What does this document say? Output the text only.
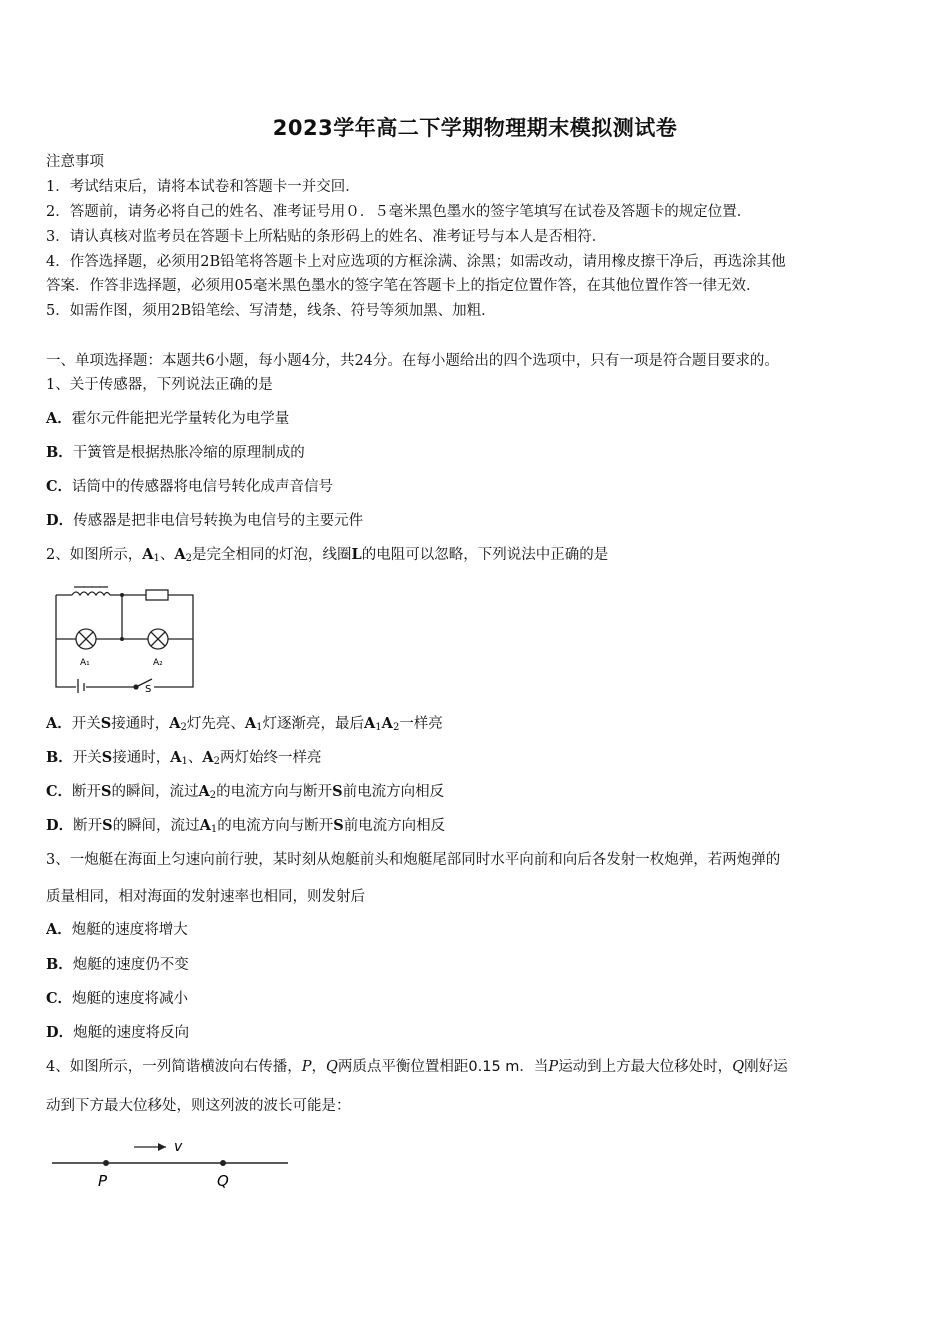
2023学年高二下学期物理期末模拟测试卷
注意事项
1．考试结束后，请将本试卷和答题卡一并交回．
2．答题前，请务必将自己的姓名、准考证号用０．５毫米黑色墨水的签字笔填写在试卷及答题卡的规定位置．
3．请认真核对监考员在答题卡上所粘贴的条形码上的姓名、准考证号与本人是否相符．
4．作答选择题，必须用2B铅笔将答题卡上对应选项的方框涂满、涂黑；如需改动，请用橡皮擦干净后，再选涂其他
答案．作答非选择题，必须用05毫米黑色墨水的签字笔在答题卡上的指定位置作答，在其他位置作答一律无效．
5．如需作图，须用2B铅笔绘、写清楚，线条、符号等须加黑、加粗．
一、单项选择题：本题共6小题，每小题4分，共24分。在每小题给出的四个选项中，只有一项是符合题目要求的。
1、关于传感器，下列说法正确的是
A．霍尔元件能把光学量转化为电学量
B．干簧管是根据热胀冷缩的原理制成的
C．话筒中的传感器将电信号转化成声音信号
D．传感器是把非电信号转换为电信号的主要元件
2、如图所示，$A_1$、$A_2$是完全相同的灯泡，线圈L的电阻可以忽略，下列说法中正确的是
A₁	A₂
S
A．开关S接通时，$A_2$灯先亮、$A_1$灯逐渐亮，最后$A_1A_2$一样亮
B．开关S接通时，$A_1$、$A_2$两灯始终一样亮
C．断开S的瞬间，流过$A_2$的电流方向与断开S前电流方向相反
D．断开S的瞬间，流过$A_1$的电流方向与断开S前电流方向相反
3、一炮艇在海面上匀速向前行驶，某时刻从炮艇前头和炮艇尾部同时水平向前和向后各发射一枚炮弹，若两炮弹的
质量相同，相对海面的发射速率也相同，则发射后
A．炮艇的速度将增大
B．炮艇的速度仍不变
C．炮艇的速度将减小
D．炮艇的速度将反向
4、如图所示，一列简谐横波向右传播，P，Q两质点平衡位置相距0.15 m．当P运动到上方最大位移处时，Q刚好运
动到下方最大位移处，则这列波的波长可能是：
v
P	Q
